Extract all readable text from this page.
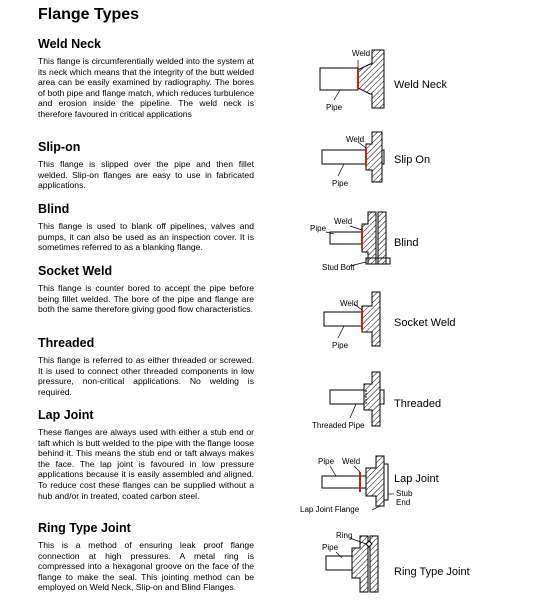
Flange Types
Weld Neck
This flange is circumferentially welded into the system at its neck which means that the integrity of the butt welded area can be easily examined by radiography. The bores of both pipe and flange match, which reduces turbulence and erosion inside the pipeline. The weld neck is therefore favoured in critical applications
Slip-on
This flange is slipped over the pipe and then fillet welded. Slip-on flanges are easy to use in fabricated applications.
Blind
This flange is used to blank off pipelines, valves and pumps, it can also be used as an inspection cover. It is sometimes referred to as a blanking flange.
Socket Weld
This flange is counter bored to accept the pipe before being fillet welded. The bore of the pipe and flange are both the same therefore giving good flow characteristics.
Threaded
This flange is referred to as either threaded or screwed. It is used to connect other threaded components in low pressure, non-critical applications. No welding is required.
Lap Joint
These flanges are always used with either a stub end or taft which is butt welded to the pipe with the flange loose behind it. This means the stub end or taft always makes the face. The lap joint is favoured in low pressure applications because it is easily assembled and aligned. To reduce cost these flanges can be supplied without a hub and/or in treated, coated carbon steel.
Ring Type Joint
This is a method of ensuring leak proof flange connection at high pressures. A metal ring is compressed into a hexagonal groove on the face of the flange to make the seal. This jointing method can be employed on Weld Neck, Slip-on and Blind Flanges.
Weld
Pipe
Weld Neck
Weld
Pipe
Slip On
Pipe
Weld
Stud Bolt
Blind
Weld
Pipe
Socket Weld
Threaded Pipe
Threaded
Pipe Weld
Stub
End
Lap Joint Flange
Lap Joint
Ring
Pipe
Ring Type Joint
